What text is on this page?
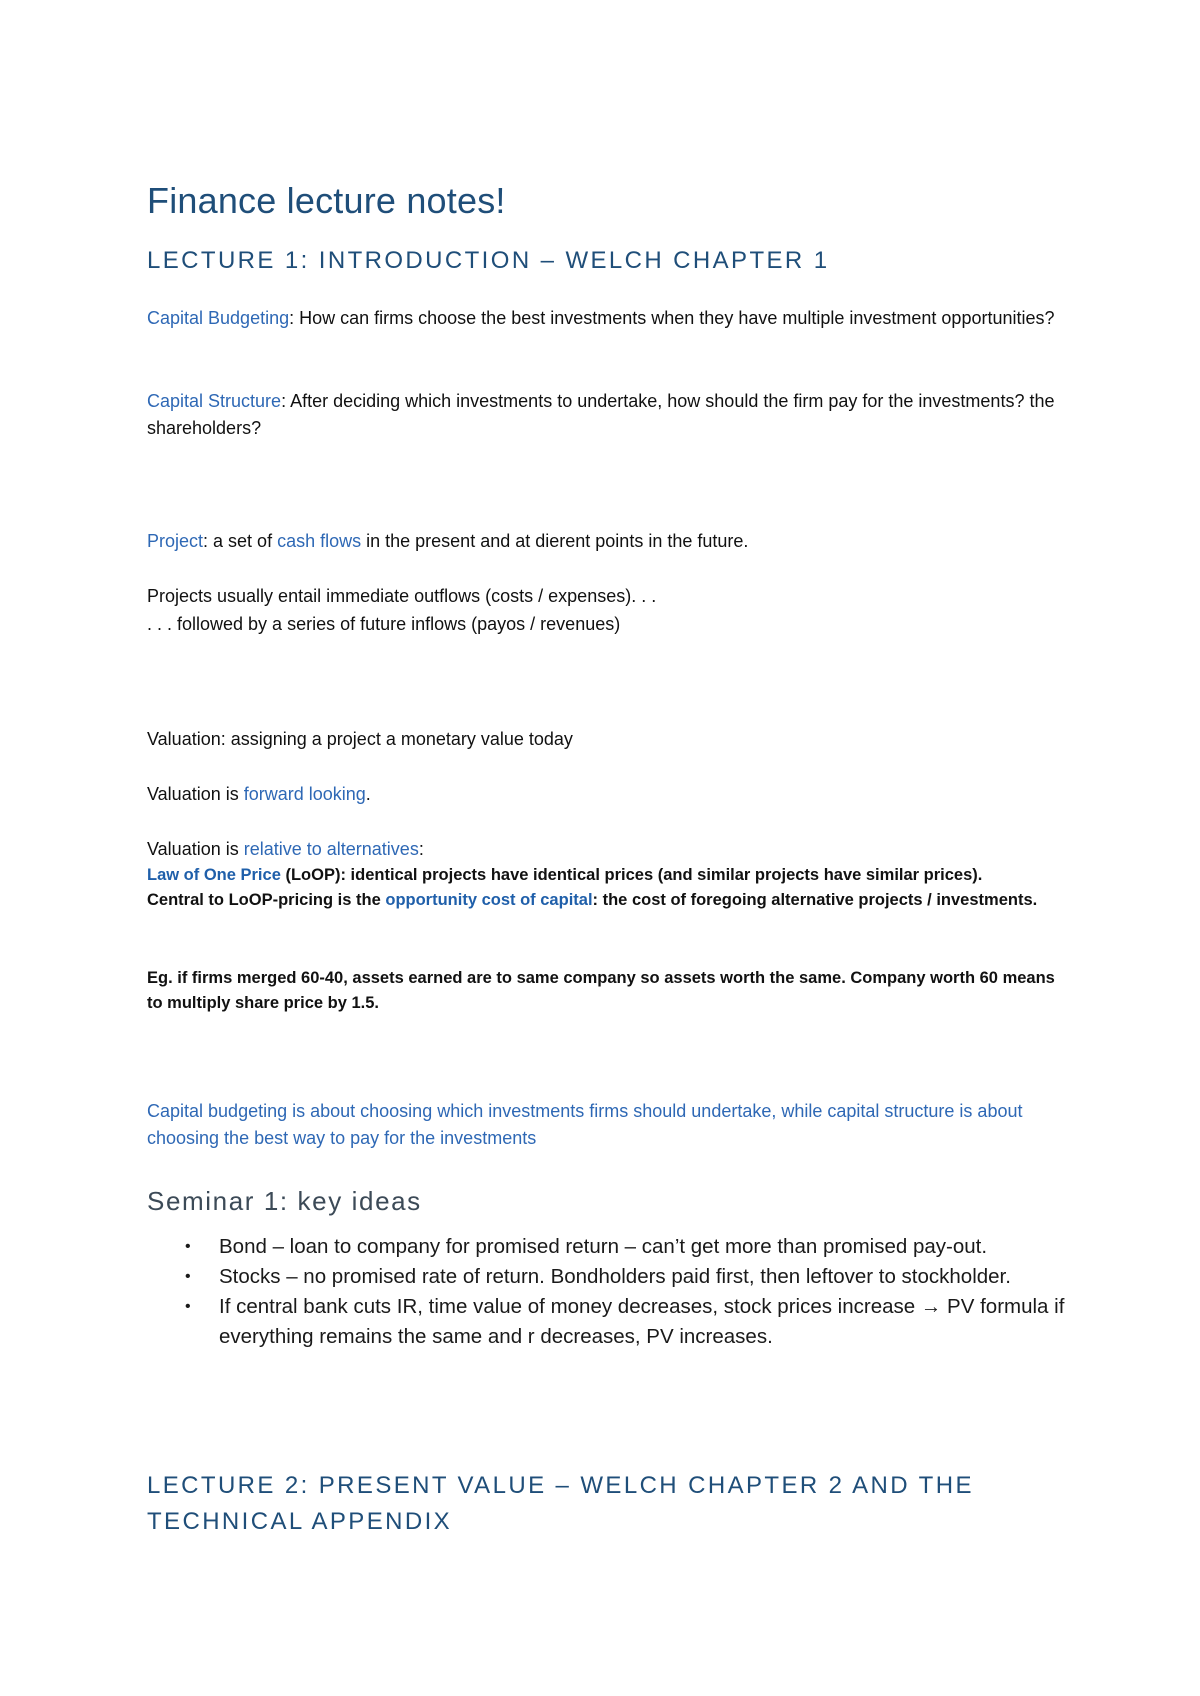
Finance lecture notes!
LECTURE 1: INTRODUCTION – WELCH CHAPTER 1

Capital Budgeting: How can firms choose the best investments when they have multiple investment opportunities?

Capital Structure: After deciding which investments to undertake, how should the firm pay for the investments? the shareholders?

Project: a set of cash flows in the present and at dierent points in the future.

Projects usually entail immediate outflows (costs / expenses). . .

. . . followed by a series of future inflows (payos / revenues)

Valuation: assigning a project a monetary value today

Valuation is forward looking.

Valuation is relative to alternatives:

Law of One Price (LoOP): identical projects have identical prices (and similar projects have similar prices).

Central to LoOP-pricing is the opportunity cost of capital: the cost of foregoing alternative projects / investments.

Eg. if firms merged 60-40, assets earned are to same company so assets worth the same. Company worth 60 means to multiply share price by 1.5.

Capital budgeting is about choosing which investments firms should undertake, while capital structure is about choosing the best way to pay for the investments

Seminar 1: key ideas
• Bond – loan to company for promised return – can’t get more than promised pay-out.
• Stocks – no promised rate of return. Bondholders paid first, then leftover to stockholder.
• If central bank cuts IR, time value of money decreases, stock prices increase → PV formula if everything remains the same and r decreases, PV increases.
LECTURE 2: PRESENT VALUE – WELCH CHAPTER 2 AND THE TECHNICAL APPENDIX
